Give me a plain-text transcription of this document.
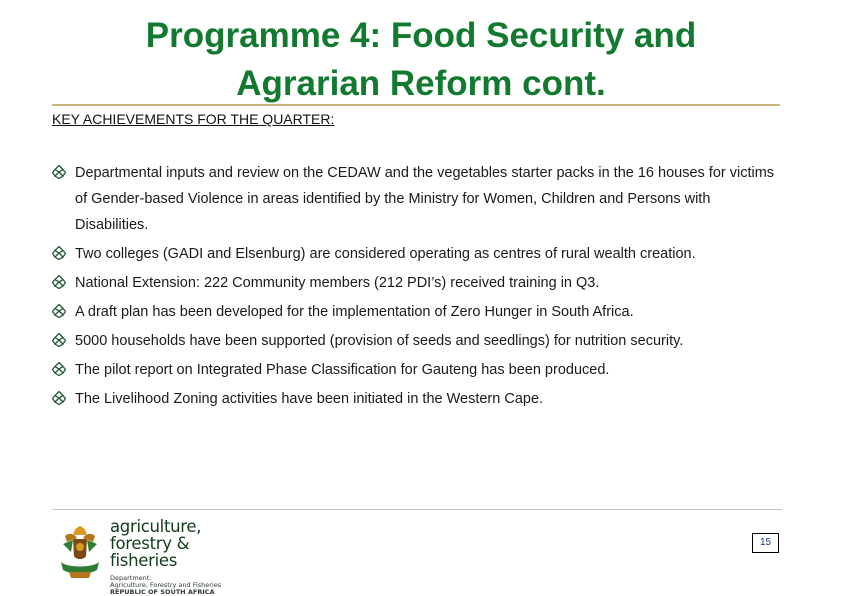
Programme 4: Food Security and
Agrarian Reform cont.
KEY ACHIEVEMENTS FOR THE QUARTER:
Departmental inputs and review on the CEDAW and the vegetables starter packs in the 16 houses for victims of Gender-based Violence in areas identified by the Ministry for Women, Children and Persons with Disabilities.
Two colleges (GADI and Elsenburg) are considered operating as centres of rural wealth creation.
National Extension: 222 Community members (212 PDI’s) received training in Q3.
A draft plan has been developed for the implementation of Zero Hunger in South Africa.
5000 households have been supported (provision of seeds and seedlings) for nutrition security.
The pilot report on Integrated Phase Classification for Gauteng has been produced.
The Livelihood Zoning activities have been initiated in the Western Cape.
agriculture,
forestry & fisheries
Department:
Agriculture, Forestry and Fisheries
REPUBLIC OF SOUTH AFRICA
15
